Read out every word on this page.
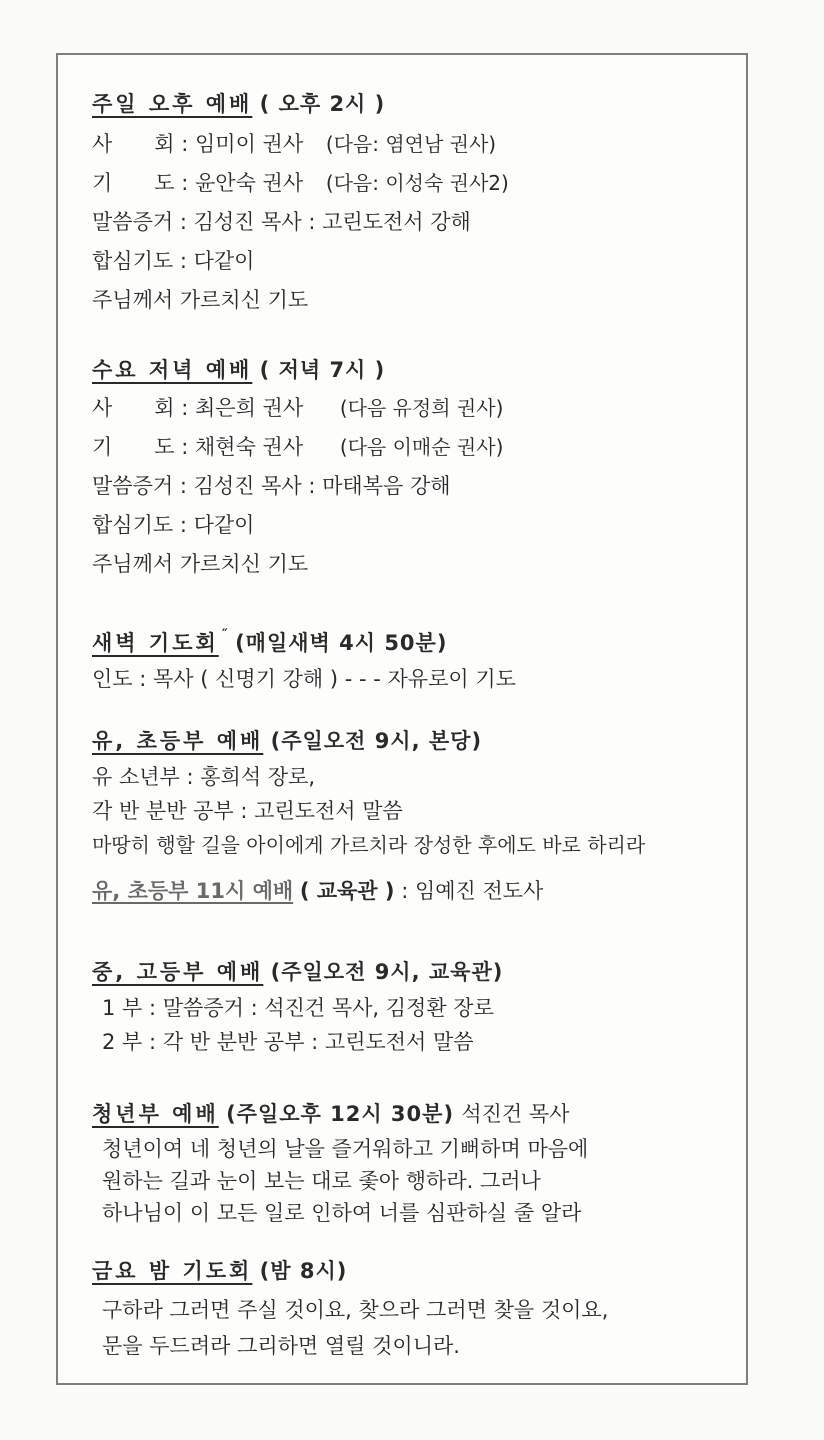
주일 오후 예배 ( 오후 2시 )
사　　회 : 임미이 권사 (다음: 염연남 권사)
기　　도 : 윤안숙 권사 (다음: 이성숙 권사2)
말씀증거 : 김성진 목사 : 고린도전서 강해
합심기도 : 다같이
주님께서 가르치신 기도
수요 저녁 예배 ( 저녁 7시 )
사　　회 : 최은희 권사 (다음 유정희 권사)
기　　도 : 채현숙 권사 (다음 이매순 권사)
말씀증거 : 김성진 목사 : 마태복음 강해
합심기도 : 다같이
주님께서 가르치신 기도
새벽 기도회 ˝ (매일새벽 4시 50분)
인도 : 목사 ( 신명기 강해 ) - - - 자유로이 기도
유, 초등부 예배 (주일오전 9시, 본당)
유 소년부 : 홍희석 장로,
각 반 분반 공부 : 고린도전서 말씀
마땅히 행할 길을 아이에게 가르치라 장성한 후에도 바로 하리라
유, 초등부 11시 예배 ( 교육관 ) : 임예진 전도사
중, 고등부 예배 (주일오전 9시, 교육관)
1 부 : 말씀증거 : 석진건 목사, 김정환 장로
2 부 : 각 반 분반 공부 : 고린도전서 말씀
청년부 예배 (주일오후 12시 30분) 석진건 목사
청년이여 네 청년의 날을 즐거워하고 기뻐하며 마음에
원하는 길과 눈이 보는 대로 좇아 행하라. 그러나
하나님이 이 모든 일로 인하여 너를 심판하실 줄 알라
금요 밤 기도회 (밤 8시)
구하라 그러면 주실 것이요, 찾으라 그러면 찾을 것이요,
문을 두드려라 그리하면 열릴 것이니라.
